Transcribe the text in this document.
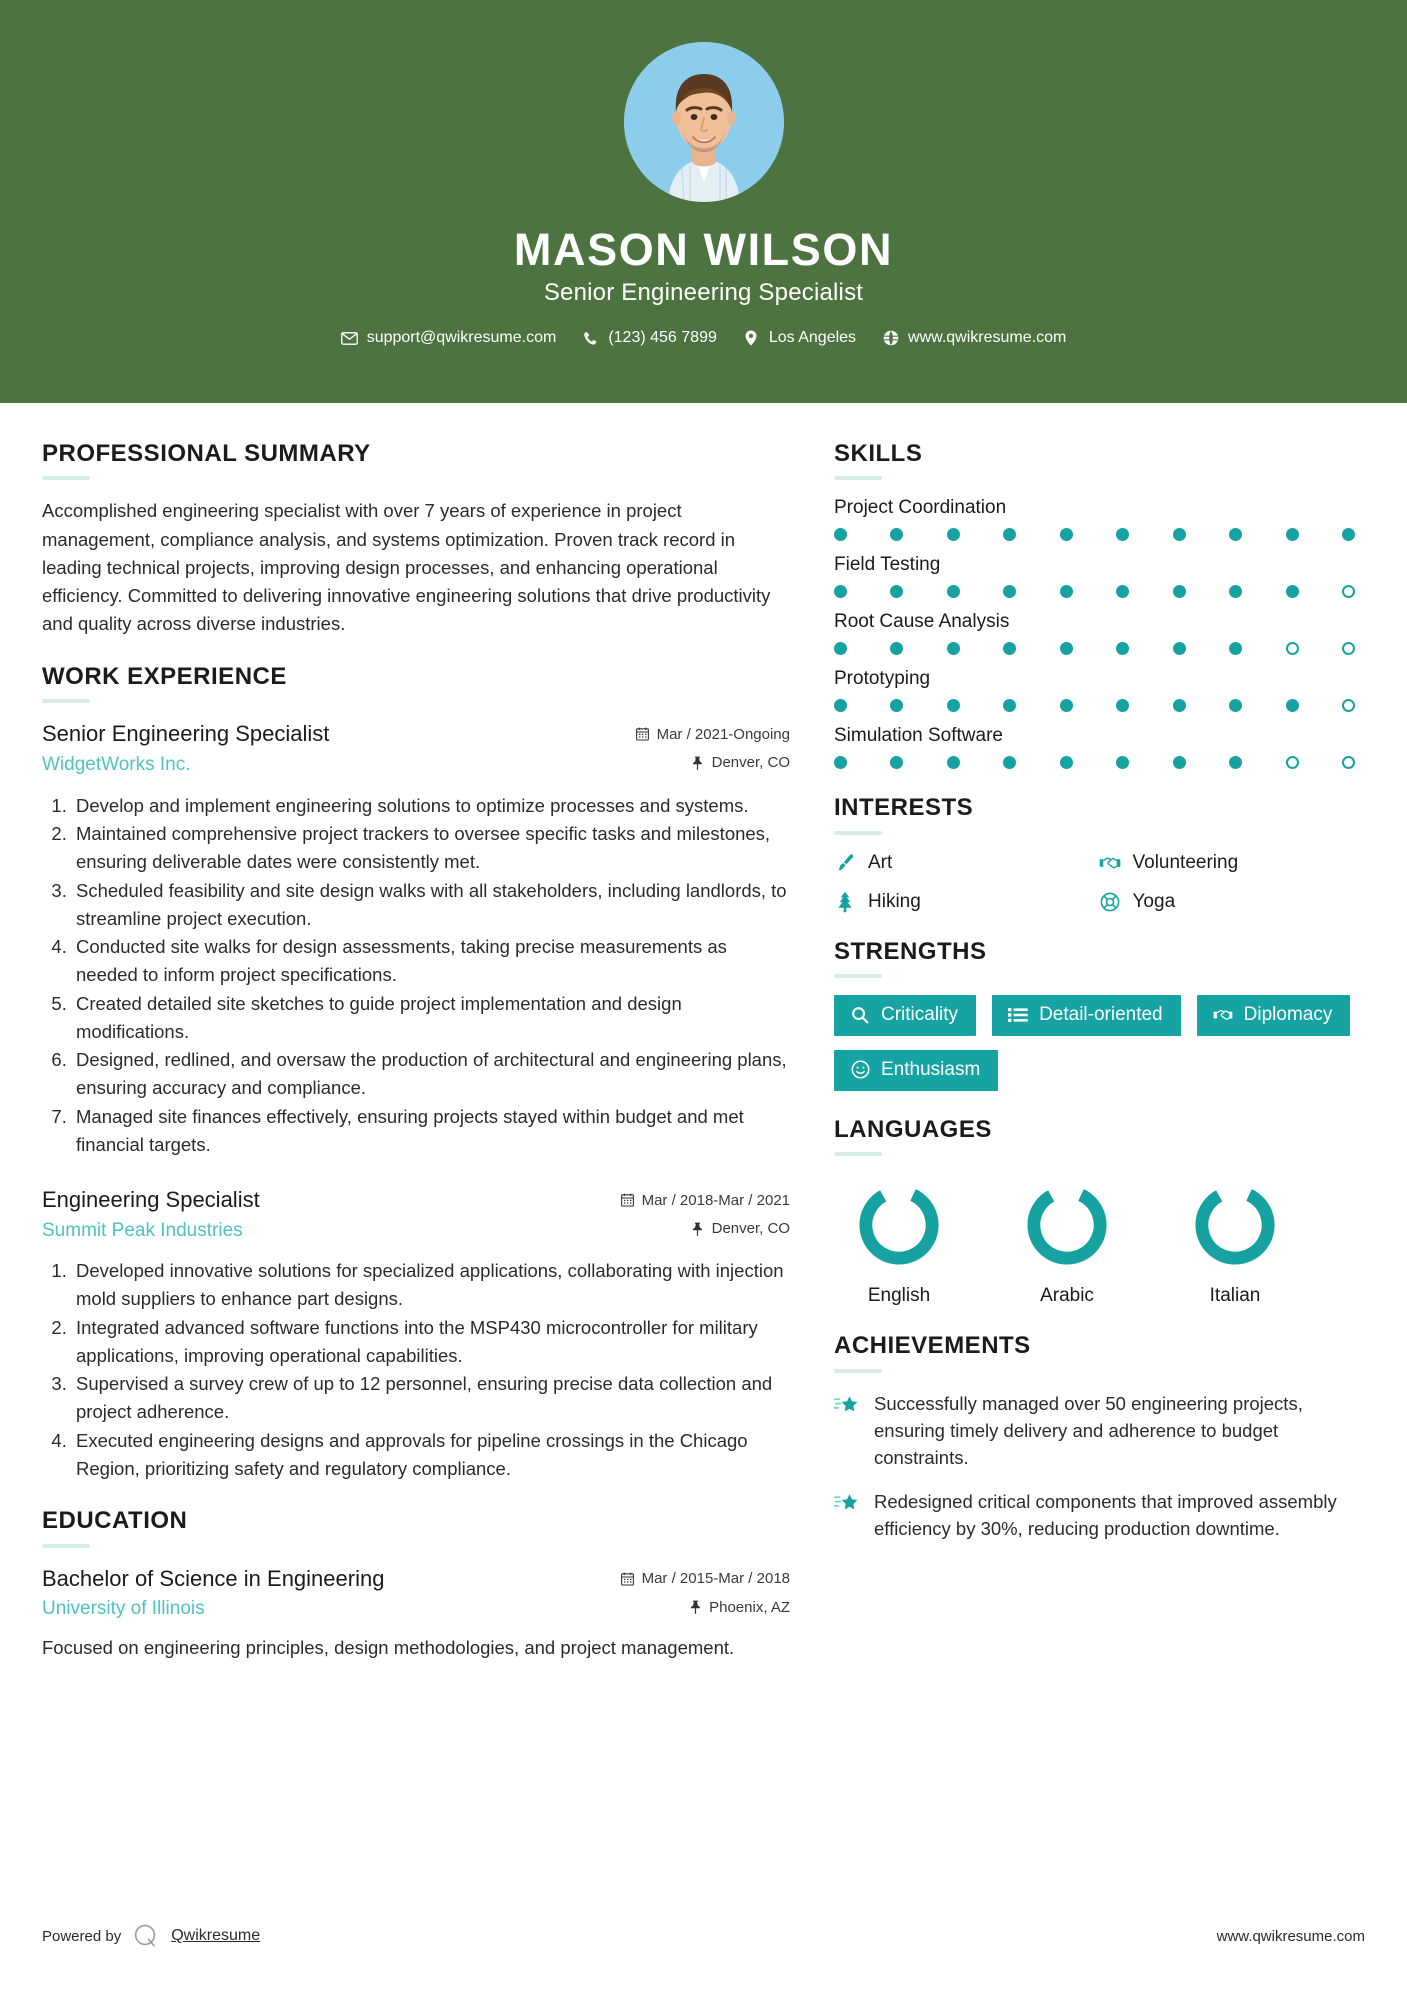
MASON WILSON
Senior Engineering Specialist
support@qwikresume.com	(123) 456 7899	Los Angeles	www.qwikresume.com
PROFESSIONAL SUMMARY
Accomplished engineering specialist with over 7 years of experience in project management, compliance analysis, and systems optimization. Proven track record in leading technical projects, improving design processes, and enhancing operational efficiency. Committed to delivering innovative engineering solutions that drive productivity and quality across diverse industries.
WORK EXPERIENCE
Senior Engineering Specialist	Mar / 2021-Ongoing
WidgetWorks Inc.	Denver, CO
1. Develop and implement engineering solutions to optimize processes and systems.
2. Maintained comprehensive project trackers to oversee specific tasks and milestones, ensuring deliverable dates were consistently met.
3. Scheduled feasibility and site design walks with all stakeholders, including landlords, to streamline project execution.
4. Conducted site walks for design assessments, taking precise measurements as needed to inform project specifications.
5. Created detailed site sketches to guide project implementation and design modifications.
6. Designed, redlined, and oversaw the production of architectural and engineering plans, ensuring accuracy and compliance.
7. Managed site finances effectively, ensuring projects stayed within budget and met financial targets.
Engineering Specialist	Mar / 2018-Mar / 2021
Summit Peak Industries	Denver, CO
1. Developed innovative solutions for specialized applications, collaborating with injection mold suppliers to enhance part designs.
2. Integrated advanced software functions into the MSP430 microcontroller for military applications, improving operational capabilities.
3. Supervised a survey crew of up to 12 personnel, ensuring precise data collection and project adherence.
4. Executed engineering designs and approvals for pipeline crossings in the Chicago Region, prioritizing safety and regulatory compliance.
EDUCATION
Bachelor of Science in Engineering	Mar / 2015-Mar / 2018
University of Illinois	Phoenix, AZ
Focused on engineering principles, design methodologies, and project management.
SKILLS
Project Coordination
Field Testing
Root Cause Analysis
Prototyping
Simulation Software
INTERESTS
Art	Volunteering
Hiking	Yoga
STRENGTHS
Criticality	Detail-oriented	Diplomacy
Enthusiasm
LANGUAGES
English	Arabic	Italian
ACHIEVEMENTS
Successfully managed over 50 engineering projects, ensuring timely delivery and adherence to budget constraints.
Redesigned critical components that improved assembly efficiency by 30%, reducing production downtime.
Powered by	Qwikresume	www.qwikresume.com
